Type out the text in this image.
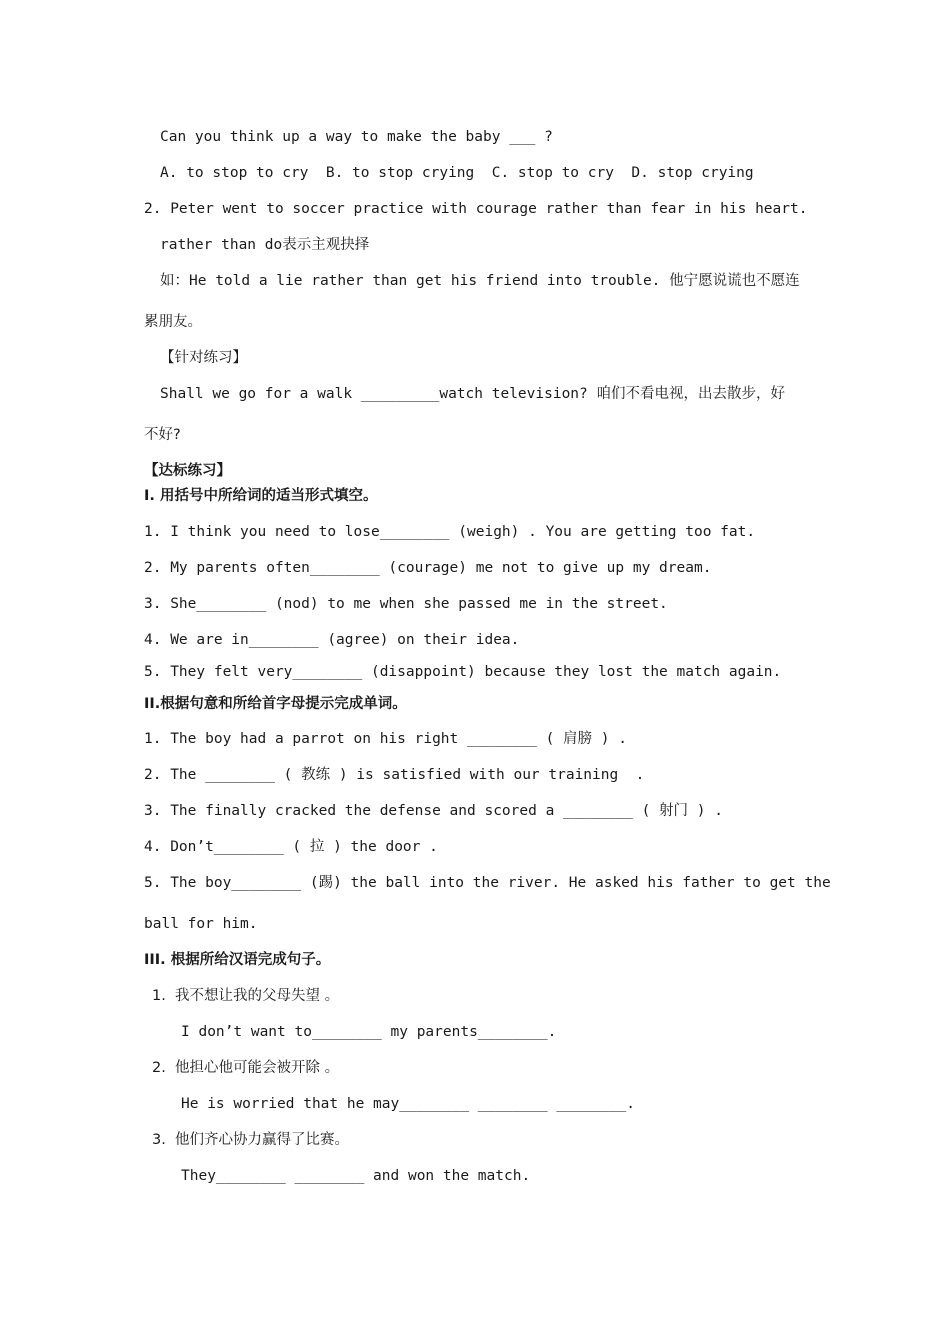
Can you think up a way to make the baby ___ ?
A. to stop to cry  B. to stop crying  C. stop to cry  D. stop crying
2. Peter went to soccer practice with courage rather than fear in his heart.
rather than do表示主观抉择
如：He told a lie rather than get his friend into trouble. 他宁愿说谎也不愿连
累朋友。
【针对练习】
Shall we go for a walk _________watch television? 咱们不看电视，出去散步，好
不好?
【达标练习】
I. 用括号中所给词的适当形式填空。
1. I think you need to lose________ (weigh) . You are getting too fat.
2. My parents often________ (courage) me not to give up my dream.
3. She________ (nod) to me when she passed me in the street.
4. We are in________ (agree) on their idea.
5. They felt very________ (disappoint) because they lost the match again.
II.根据句意和所给首字母提示完成单词。
1. The boy had a parrot on his right ________ ( 肩膀 ) .
2. The ________ ( 教练 ) is satisfied with our training  .
3. The finally cracked the defense and scored a ________ ( 射门 ) .
4. Don’t________ ( 拉 ) the door .
5. The boy________ (踢) the ball into the river. He asked his father to get the
ball for him.
III. 根据所给汉语完成句子。
1.  我不想让我的父母失望 。
I don’t want to________ my parents________.
2.  他担心他可能会被开除 。
He is worried that he may________ ________ ________.
3.  他们齐心协力赢得了比赛。
They________ ________ and won the match.
